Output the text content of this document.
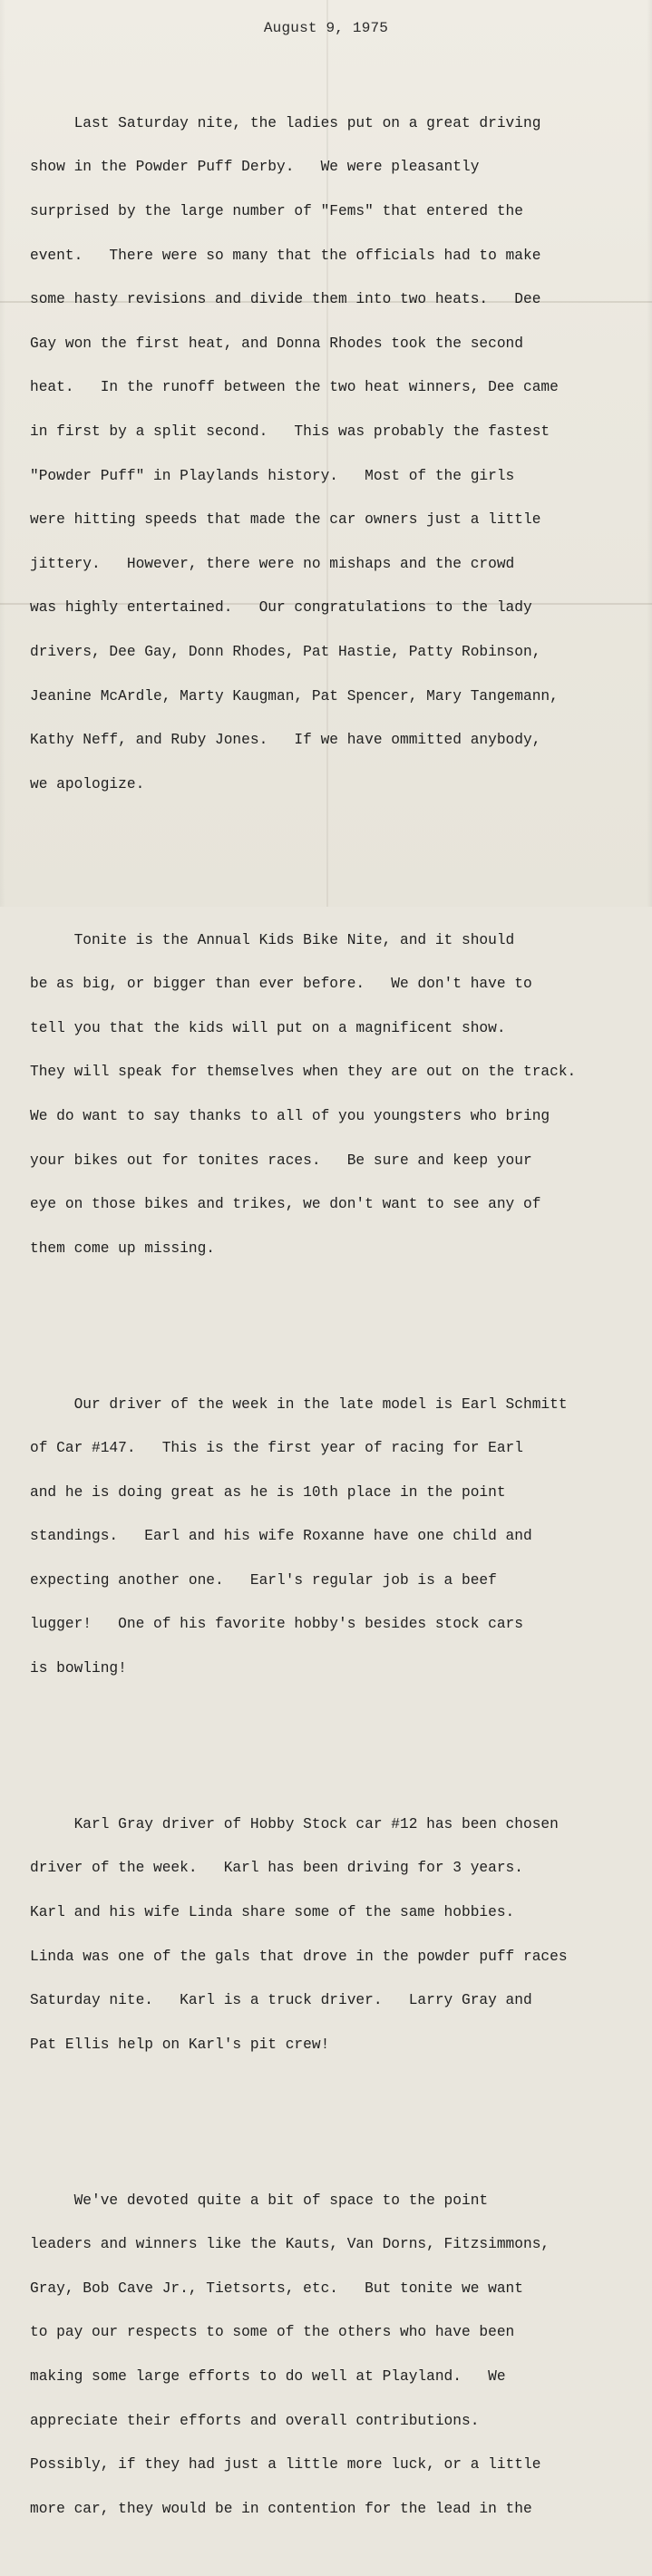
August 9, 1975

Last Saturday nite, the ladies put on a great driving

show in the Powder Puff Derby.   We were pleasantly

surprised by the large number of "Fems" that entered the

event.   There were so many that the officials had to make

some hasty revisions and divide them into two heats.   Dee

Gay won the first heat, and Donna Rhodes took the second

heat.   In the runoff between the two heat winners, Dee came

in first by a split second.   This was probably the fastest

"Powder Puff" in Playlands history.   Most of the girls

were hitting speeds that made the car owners just a little

jittery.   However, there were no mishaps and the crowd

was highly entertained.   Our congratulations to the lady

drivers, Dee Gay, Donn Rhodes, Pat Hastie, Patty Robinson,

Jeanine McArdle, Marty Kaugman, Pat Spencer, Mary Tangemann,

Kathy Neff, and Ruby Jones.   If we have ommitted anybody,

we apologize.

Tonite is the Annual Kids Bike Nite, and it should

be as big, or bigger than ever before.   We don't have to

tell you that the kids will put on a magnificent show.

They will speak for themselves when they are out on the track.

We do want to say thanks to all of you youngsters who bring

your bikes out for tonites races.   Be sure and keep your

eye on those bikes and trikes, we don't want to see any of

them come up missing.

Our driver of the week in the late model is Earl Schmitt

of Car #147.   This is the first year of racing for Earl

and he is doing great as he is 10th place in the point

standings.   Earl and his wife Roxanne have one child and

expecting another one.   Earl's regular job is a beef

lugger!   One of his favorite hobby's besides stock cars

is bowling!

Karl Gray driver of Hobby Stock car #12 has been chosen

driver of the week.   Karl has been driving for 3 years.

Karl and his wife Linda share some of the same hobbies.

Linda was one of the gals that drove in the powder puff races

Saturday nite.   Karl is a truck driver.   Larry Gray and

Pat Ellis help on Karl's pit crew!

We've devoted quite a bit of space to the point

leaders and winners like the Kauts, Van Dorns, Fitzsimmons,

Gray, Bob Cave Jr., Tietsorts, etc.   But tonite we want

to pay our respects to some of the others who have been

making some large efforts to do well at Playland.   We

appreciate their efforts and overall contributions.

Possibly, if they had just a little more luck, or a little

more car, they would be in contention for the lead in the
